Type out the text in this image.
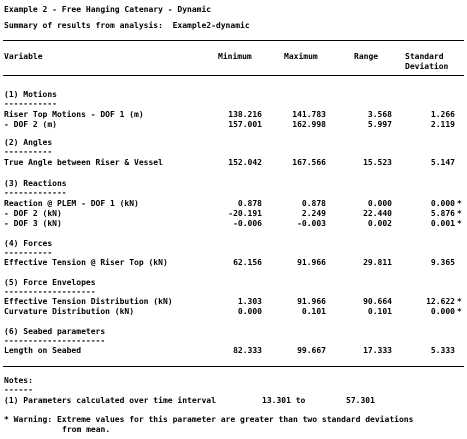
Example 2 - Free Hanging Catenary - Dynamic
Summary of results from analysis:  Example2-dynamic
Variable	Minimum	Maximum	Range	Standard
Deviation
(1) Motions
-----------
Riser Top Motions - DOF 1 (m)	138.216	141.783	3.568	1.266
- DOF 2 (m)	157.001	162.998	5.997	2.119
(2) Angles
----------
True Angle between Riser & Vessel	152.042	167.566	15.523	5.147
(3) Reactions
-------------
Reaction @ PLEM - DOF 1 (kN)	0.878	0.878	0.000	0.000 *
- DOF 2 (kN)	-20.191	2.249	22.440	5.876 *
- DOF 3 (kN)	-0.006	-0.003	0.002	0.001 *
(4) Forces
----------
Effective Tension @ Riser Top (kN)	62.156	91.966	29.811	9.365
(5) Force Envelopes
-------------------
Effective Tension Distribution (kN)	1.303	91.966	90.664	12.622 *
Curvature Distribution (kN)	0.000	0.101	0.101	0.000 *
(6) Seabed parameters
---------------------
Length on Seabed	82.333	99.667	17.333	5.333
Notes:
------
(1) Parameters calculated over time interval	13.301 to	57.301
* Warning: Extreme values for this parameter are greater than two standard deviations
from mean.
